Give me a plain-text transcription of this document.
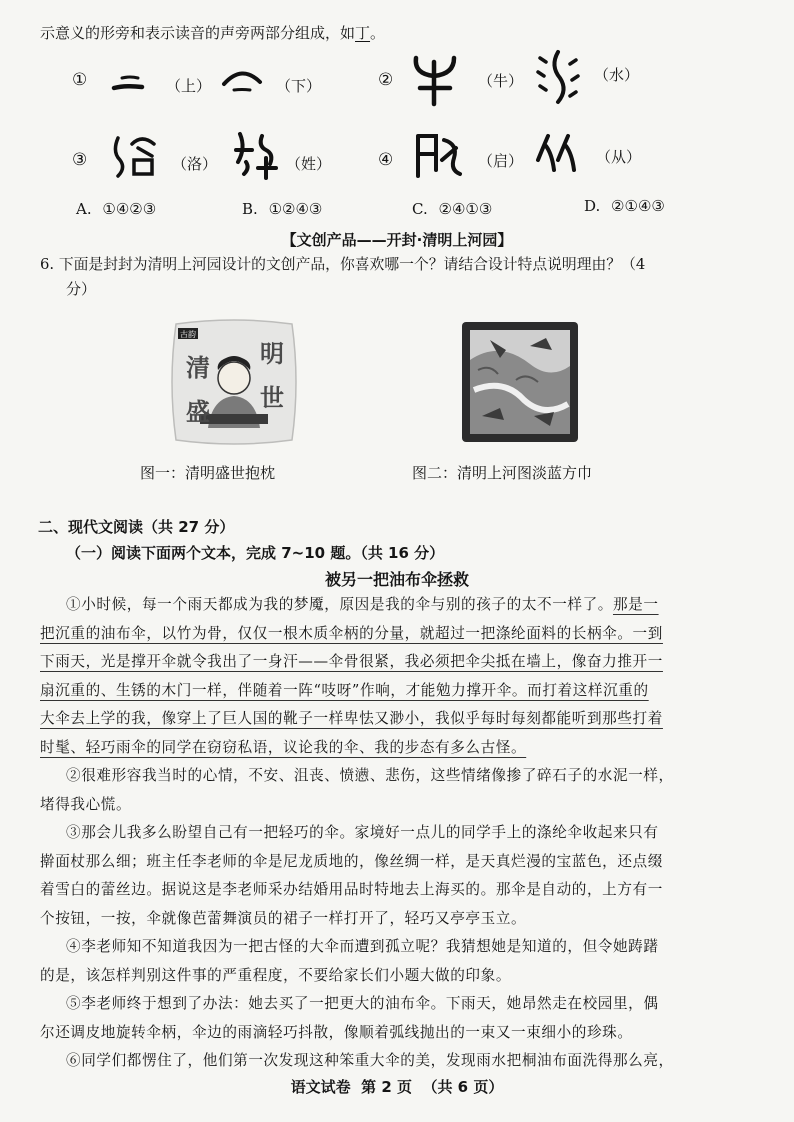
示意义的形旁和表示读音的声旁两部分组成，如丁。
①	（上）	（下）	②	（牛）	（水）
③	（洛）	（姓）	④	（启）	（从）
A. ①④②③	B. ①②④③	C. ②④①③	D. ②①④③
【文创产品——开封·清明上河园】
6. 下面是封封为清明上河园设计的文创产品，你喜欢哪一个？请结合设计特点说明理由？（4
分）
古韵
清 明
盛 世
图一：清明盛世抱枕	图二：清明上河图淡蓝方巾
二、现代文阅读（共 27 分）
（一）阅读下面两个文本，完成 7~10 题。（共 16 分）
被另一把油布伞拯救
①小时候，每一个雨天都成为我的梦魇，原因是我的伞与别的孩子的太不一样了。那是一
把沉重的油布伞，以竹为骨，仅仅一根木质伞柄的分量，就超过一把涤纶面料的长柄伞。一到
下雨天，光是撑开伞就令我出了一身汗——伞骨很紧，我必须把伞尖抵在墙上，像奋力推开一
扇沉重的、生锈的木门一样，伴随着一阵“吱呀”作响，才能勉力撑开伞。而打着这样沉重的
大伞去上学的我，像穿上了巨人国的靴子一样卑怯又渺小，我似乎每时每刻都能听到那些打着
时髦、轻巧雨伞的同学在窃窃私语，议论我的伞、我的步态有多么古怪。
②很难形容我当时的心情，不安、沮丧、愤懑、悲伤，这些情绪像掺了碎石子的水泥一样，
堵得我心慌。
③那会儿我多么盼望自己有一把轻巧的伞。家境好一点儿的同学手上的涤纶伞收起来只有
擀面杖那么细；班主任李老师的伞是尼龙质地的，像丝绸一样，是天真烂漫的宝蓝色，还点缀
着雪白的蕾丝边。据说这是李老师采办结婚用品时特地去上海买的。那伞是自动的，上方有一
个按钮，一按，伞就像芭蕾舞演员的裙子一样打开了，轻巧又亭亭玉立。
④李老师知不知道我因为一把古怪的大伞而遭到孤立呢？我猜想她是知道的，但令她踌躇
的是，该怎样判别这件事的严重程度，不要给家长们小题大做的印象。
⑤李老师终于想到了办法：她去买了一把更大的油布伞。下雨天，她昂然走在校园里，偶
尔还调皮地旋转伞柄，伞边的雨滴轻巧抖散，像顺着弧线抛出的一束又一束细小的珍珠。
⑥同学们都愣住了，他们第一次发现这种笨重大伞的美，发现雨水把桐油布面洗得那么亮，
语文试卷  第 2 页  （共 6 页）
